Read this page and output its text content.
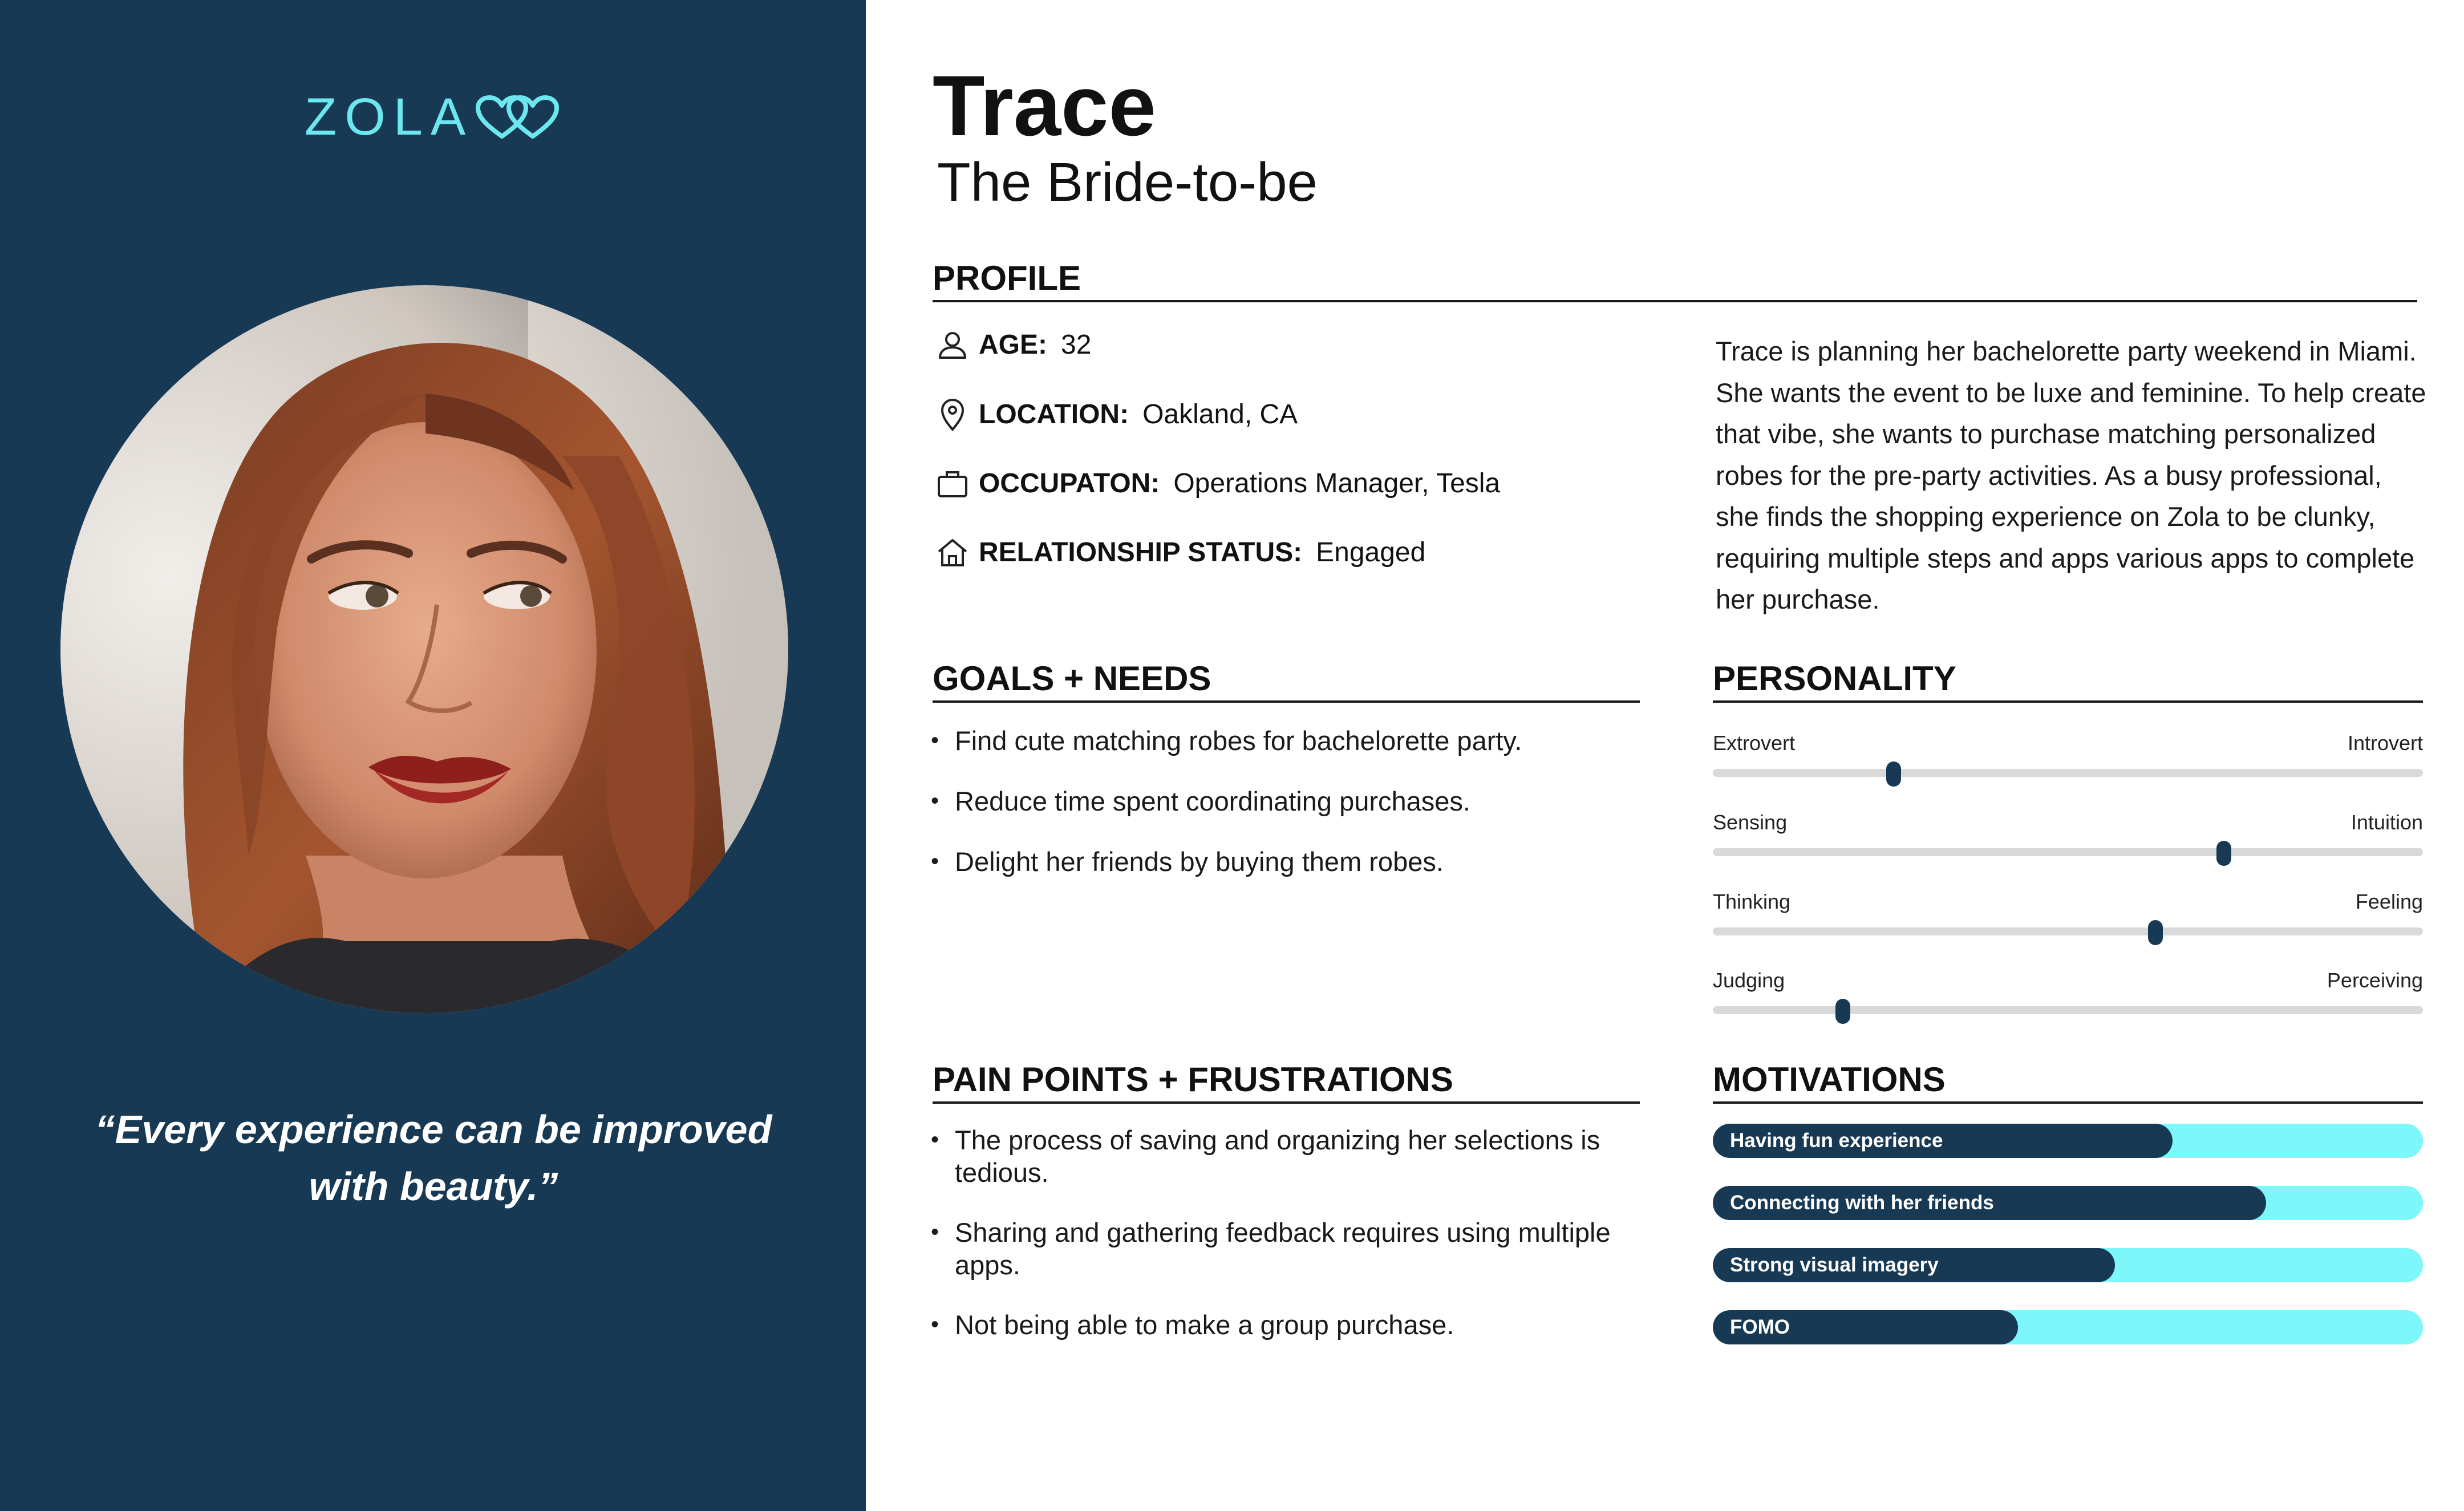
ZOLA
“Every experience can be improved
with beauty.”
Trace
The Bride-to-be
PROFILE
AGE: 32
LOCATION: Oakland, CA
OCCUPATON: Operations Manager, Tesla
RELATIONSHIP STATUS: Engaged
Trace is planning her bachelorette party weekend in Miami. She wants the event to be luxe and feminine. To help create that vibe, she wants to purchase matching personalized robes for the pre-party activities. As a busy professional, she finds the shopping experience on Zola to be clunky, requiring multiple steps and apps various apps to complete her purchase.
GOALS + NEEDS
• Find cute matching robes for bachelorette party.
• Reduce time spent coordinating purchases.
• Delight her friends by buying them robes.
PAIN POINTS + FRUSTRATIONS
• The process of saving and organizing her selections is tedious.
• Sharing and gathering feedback requires using multiple apps.
• Not being able to make a group purchase.
PERSONALITY
Extrovert	Introvert
Sensing	Intuition
Thinking	Feeling
Judging	Perceiving
MOTIVATIONS
Having fun experience
Connecting with her friends
Strong visual imagery
FOMO
